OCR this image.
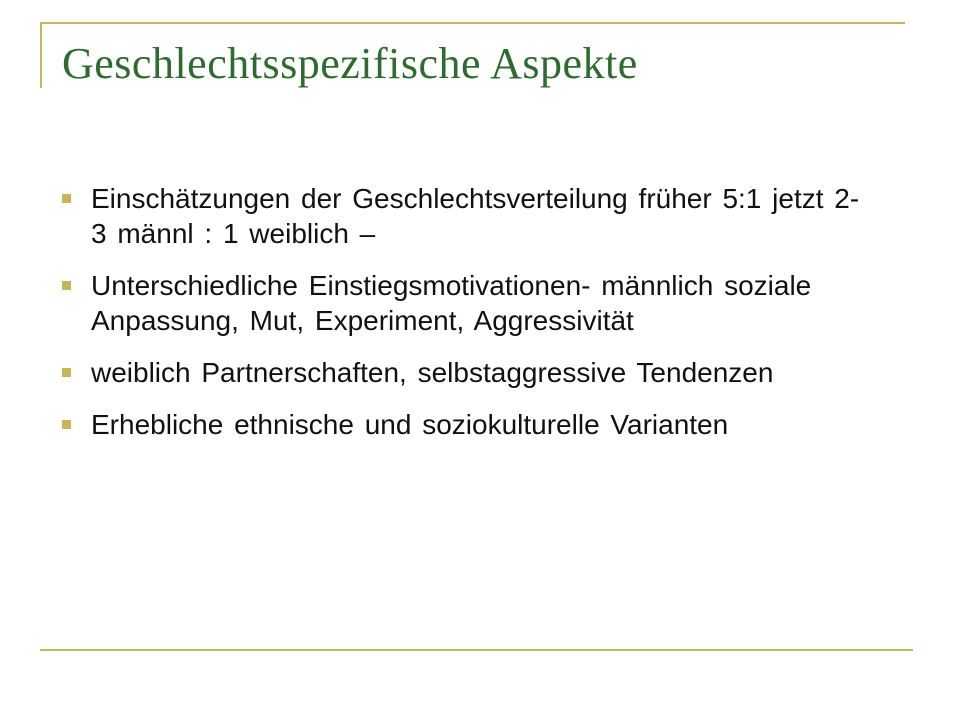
Geschlechtsspezifische Aspekte
Einschätzungen der Geschlechtsverteilung früher 5:1 jetzt 2-3 männl : 1 weiblich –
Unterschiedliche Einstiegsmotivationen- männlich soziale Anpassung, Mut, Experiment, Aggressivität
weiblich Partnerschaften, selbstaggressive Tendenzen
Erhebliche ethnische und soziokulturelle Varianten
